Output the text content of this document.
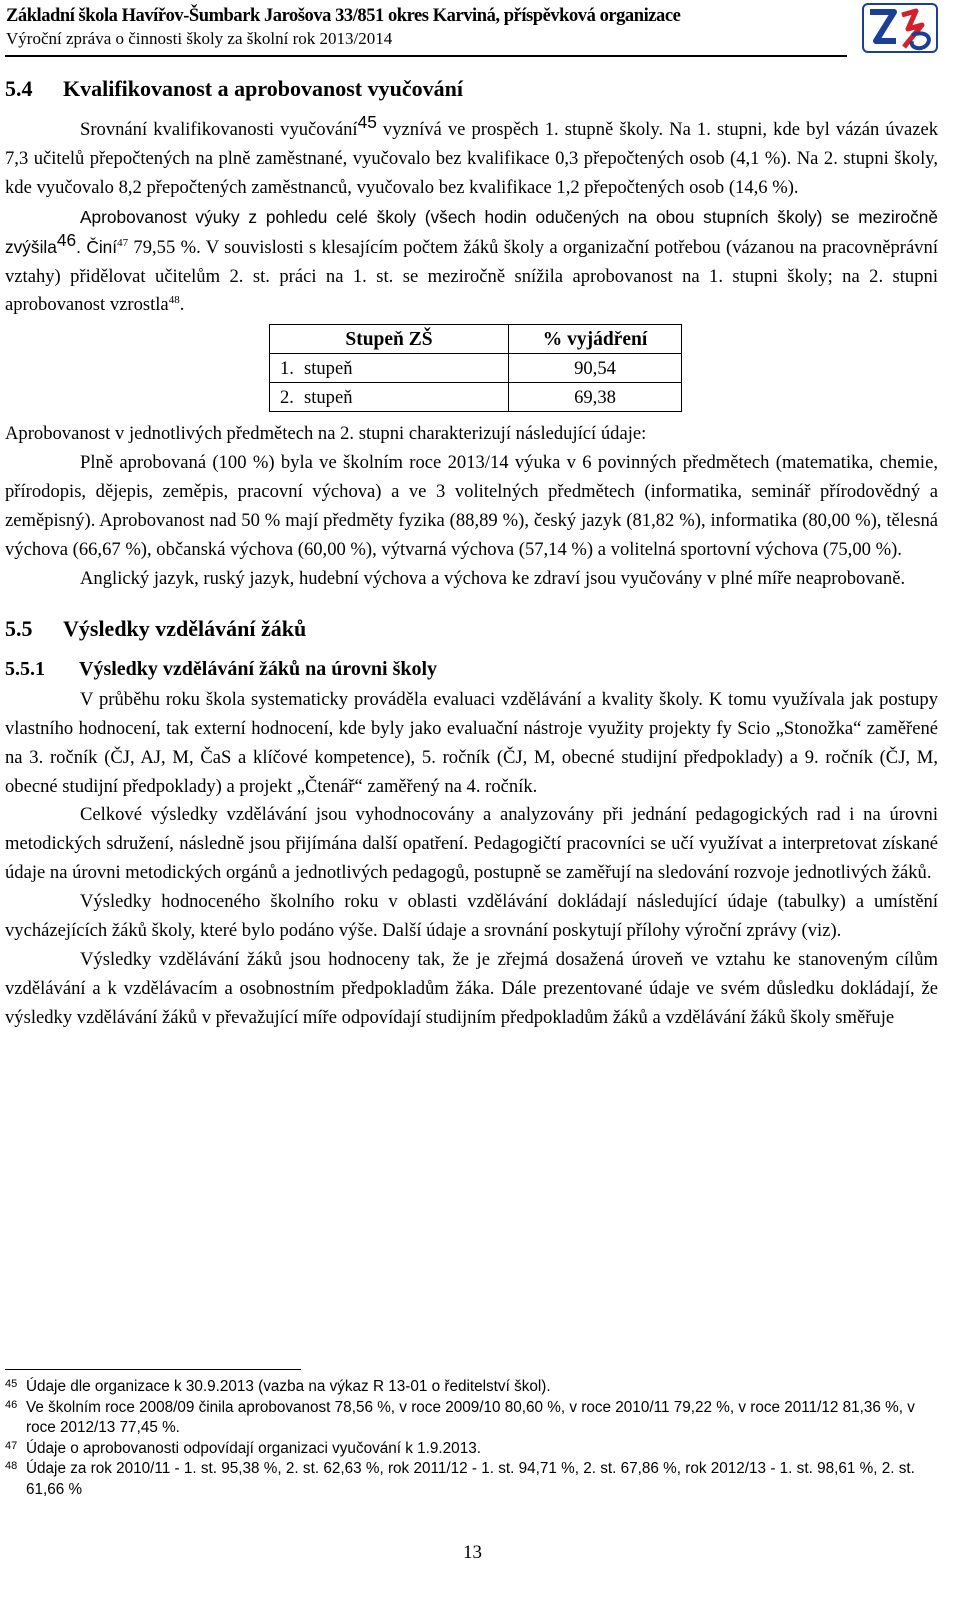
Základní škola Havířov-Šumbark Jarošova 33/851 okres Karviná, příspěvková organizace
Výroční zpráva o činnosti školy za školní rok 2013/2014
5.4 Kvalifikovanost a aprobovanost vyučování

Srovnání kvalifikovanosti vyučování$^{45}$ vyznívá ve prospěch 1. stupně školy. Na 1. stupni, kde byl vázán úvazek 7,3 učitelů přepočtených na plně zaměstnané, vyučovalo bez kvalifikace 0,3 přepočtených osob (4,1 %). Na 2. stupni školy, kde vyučovalo 8,2 přepočtených zaměstnanců, vyučovalo bez kvalifikace 1,2 přepočtených osob (14,6 %).

Aprobovanost výuky z pohledu celé školy (všech hodin odučených na obou stupních školy) se meziročně zvýšila$^{46}$. Činí$^{47}$ 79,55 %. V souvislosti s klesajícím počtem žáků školy a organizační potřebou (vázanou na pracovněprávní vztahy) přidělovat učitelům 2. st. práci na 1. st. se meziročně snížila aprobovanost na 1. stupni školy; na 2. stupni aprobovanost vzrostla$^{48}$.

Stupeň ZŠ	% vyjádření
1. stupeň	90,54
2. stupeň	69,38

Aprobovanost v jednotlivých předmětech na 2. stupni charakterizují následující údaje:

Plně aprobovaná (100 %) byla ve školním roce 2013/14 výuka v 6 povinných předmětech (matematika, chemie, přírodopis, dějepis, zeměpis, pracovní výchova) a ve 3 volitelných předmětech (informatika, seminář přírodovědný a zeměpisný). Aprobovanost nad 50 % mají předměty fyzika (88,89 %), český jazyk (81,82 %), informatika (80,00 %), tělesná výchova (66,67 %), občanská výchova (60,00 %), výtvarná výchova (57,14 %) a volitelná sportovní výchova (75,00 %).

Anglický jazyk, ruský jazyk, hudební výchova a výchova ke zdraví jsou vyučovány v plné míře neaprobovaně.

5.5 Výsledky vzdělávání žáků
5.5.1 Výsledky vzdělávání žáků na úrovni školy

V průběhu roku škola systematicky prováděla evaluaci vzdělávání a kvality školy. K tomu využívala jak postupy vlastního hodnocení, tak externí hodnocení, kde byly jako evaluační nástroje využity projekty fy Scio „Stonožka“ zaměřené na 3. ročník (ČJ, AJ, M, ČaS a klíčové kompetence), 5. ročník (ČJ, M, obecné studijní předpoklady) a 9. ročník (ČJ, M, obecné studijní předpoklady) a projekt „Čtenář“ zaměřený na 4. ročník.

Celkové výsledky vzdělávání jsou vyhodnocovány a analyzovány při jednání pedagogických rad i na úrovni metodických sdružení, následně jsou přijímána další opatření. Pedagogičtí pracovníci se učí využívat a interpretovat získané údaje na úrovni metodických orgánů a jednotlivých pedagogů, postupně se zaměřují na sledování rozvoje jednotlivých žáků.

Výsledky hodnoceného školního roku v oblasti vzdělávání dokládají následující údaje (tabulky) a umístění vycházejících žáků školy, které bylo podáno výše. Další údaje a srovnání poskytují přílohy výroční zprávy (viz).

Výsledky vzdělávání žáků jsou hodnoceny tak, že je zřejmá dosažená úroveň ve vztahu ke stanoveným cílům vzdělávání a k vzdělávacím a osobnostním předpokladům žáka. Dále prezentované údaje ve svém důsledku dokládají, že výsledky vzdělávání žáků v převažující míře odpovídají studijním předpokladům žáků a vzdělávání žáků školy směřuje

45 Údaje dle organizace k 30.9.2013 (vazba na výkaz R 13-01 o ředitelství škol).
46 Ve školním roce 2008/09 činila aprobovanost 78,56 %, v roce 2009/10 80,60 %, v roce 2010/11 79,22 %, v roce 2011/12 81,36 %, v roce 2012/13 77,45 %.
47 Údaje o aprobovanosti odpovídají organizaci vyučování k 1.9.2013.
48 Údaje za rok 2010/11 - 1. st. 95,38 %, 2. st. 62,63 %, rok 2011/12 - 1. st. 94,71 %, 2. st. 67,86 %, rok 2012/13 - 1. st. 98,61 %, 2. st. 61,66 %
13
